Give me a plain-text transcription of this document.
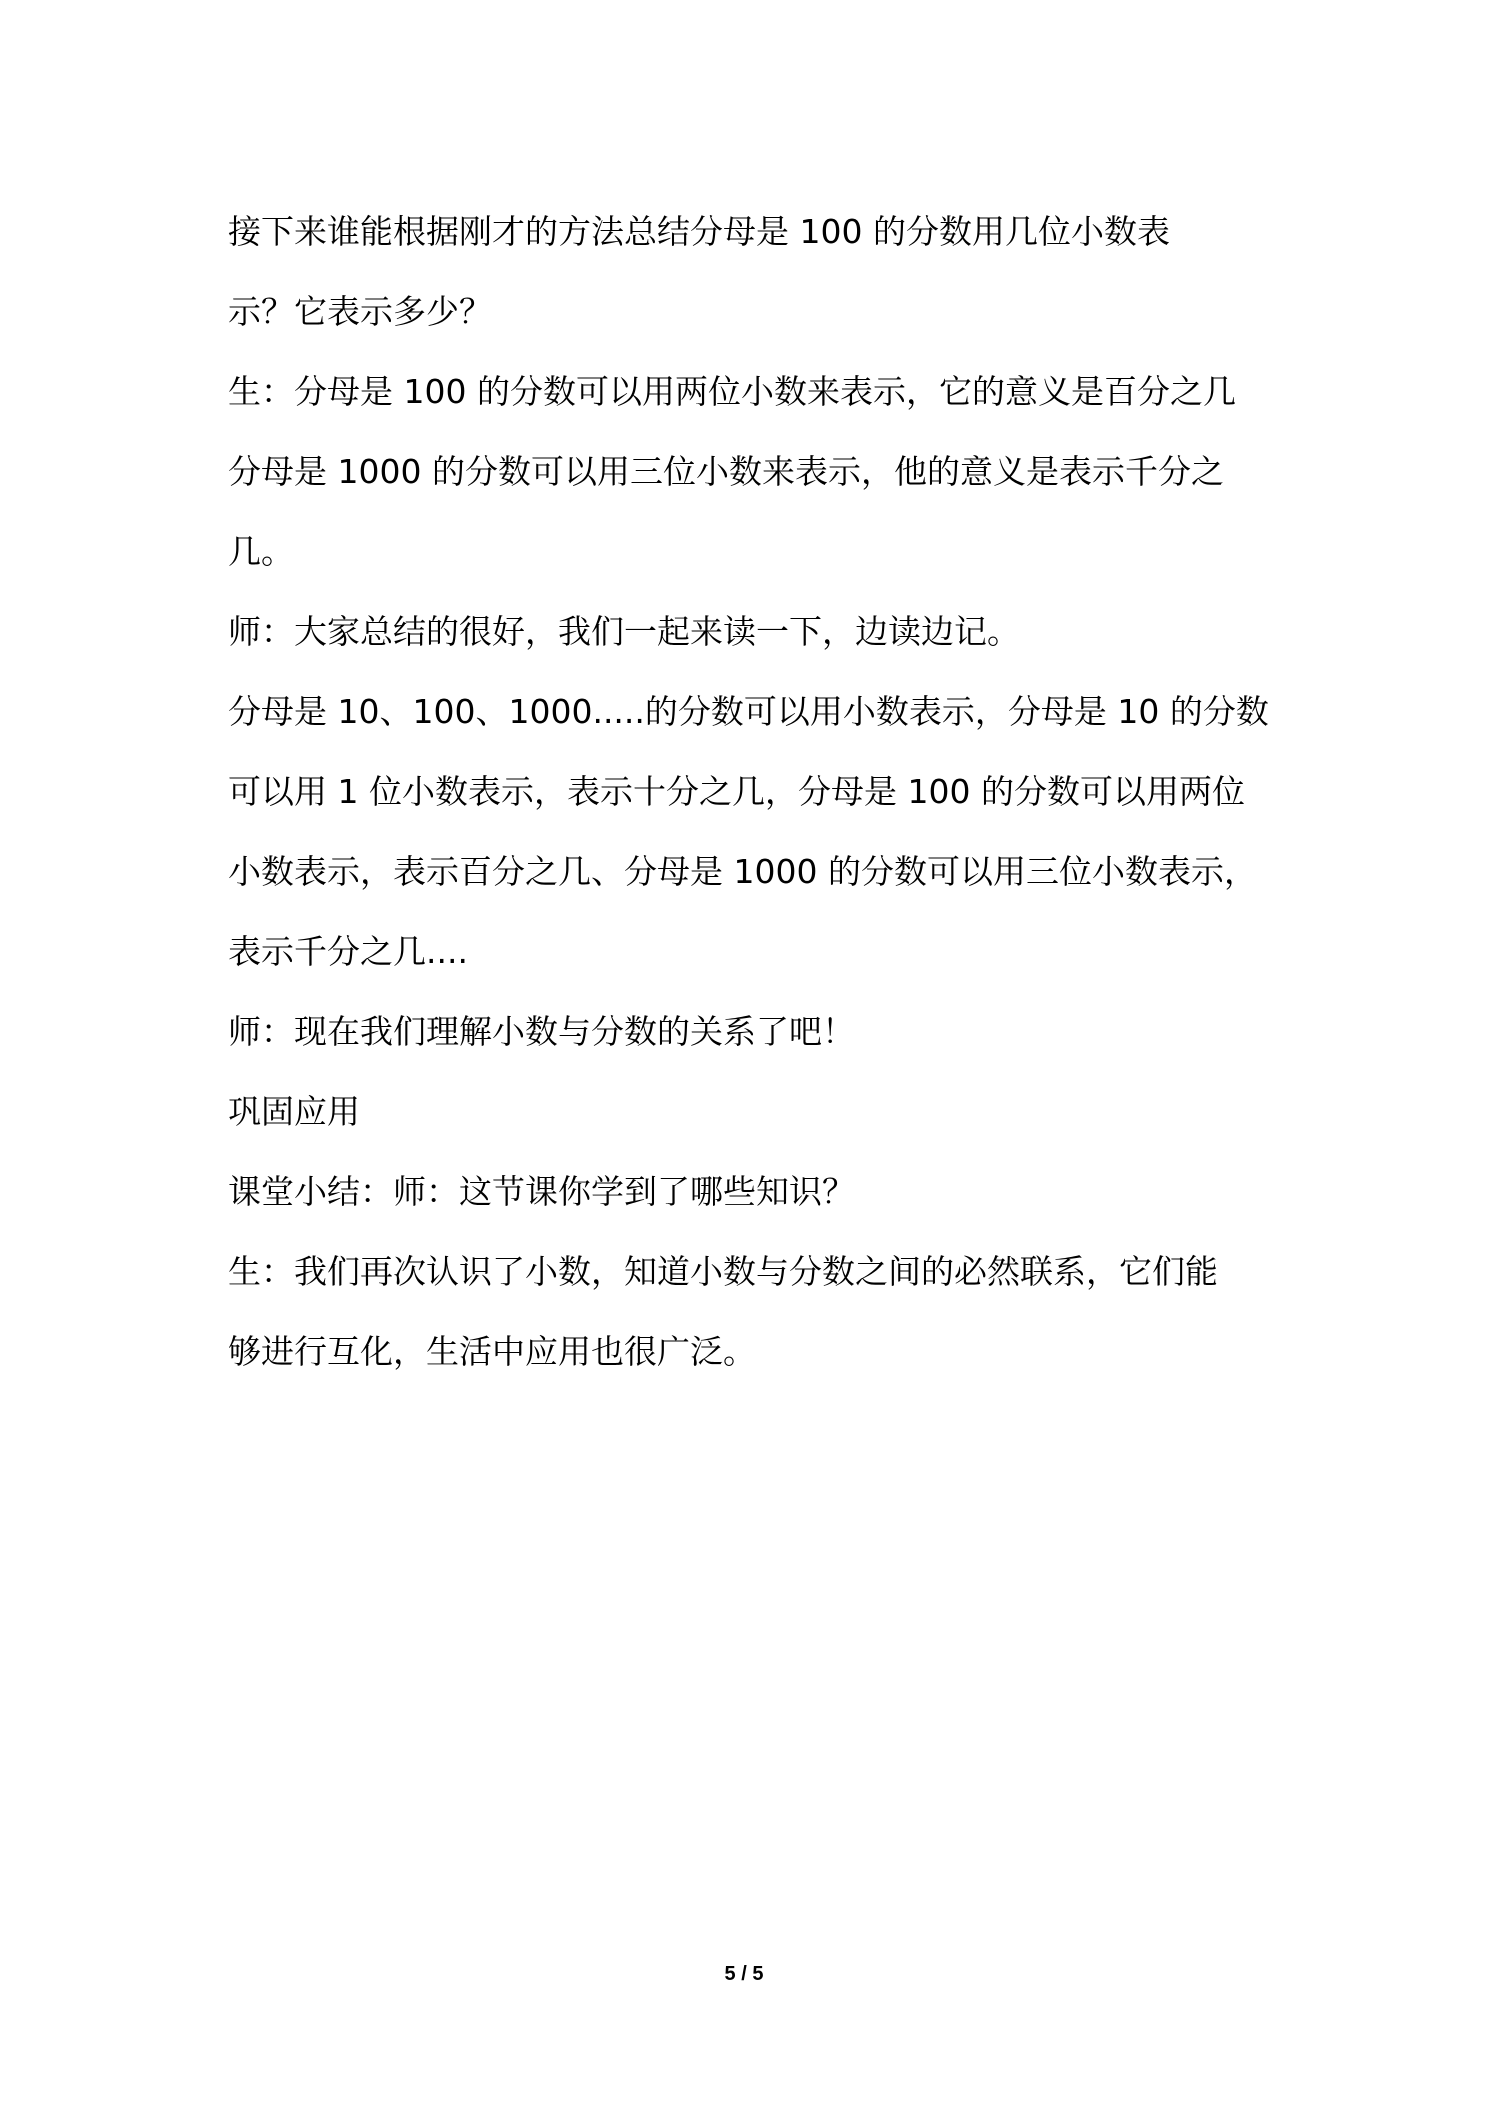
接下来谁能根据刚才的方法总结分母是 100 的分数用几位小数表

示？它表示多少？

生：分母是 100 的分数可以用两位小数来表示，它的意义是百分之几

分母是 1000 的分数可以用三位小数来表示，他的意义是表示千分之

几。

师：大家总结的很好，我们一起来读一下，边读边记。

分母是 10、100、1000.....的分数可以用小数表示，分母是 10 的分数

可以用 1 位小数表示，表示十分之几，分母是 100 的分数可以用两位

小数表示，表示百分之几、分母是 1000 的分数可以用三位小数表示，

表示千分之几....

师：现在我们理解小数与分数的关系了吧！

巩固应用

课堂小结：师：这节课你学到了哪些知识？

生：我们再次认识了小数，知道小数与分数之间的必然联系，它们能

够进行互化，生活中应用也很广泛。

5 / 5
